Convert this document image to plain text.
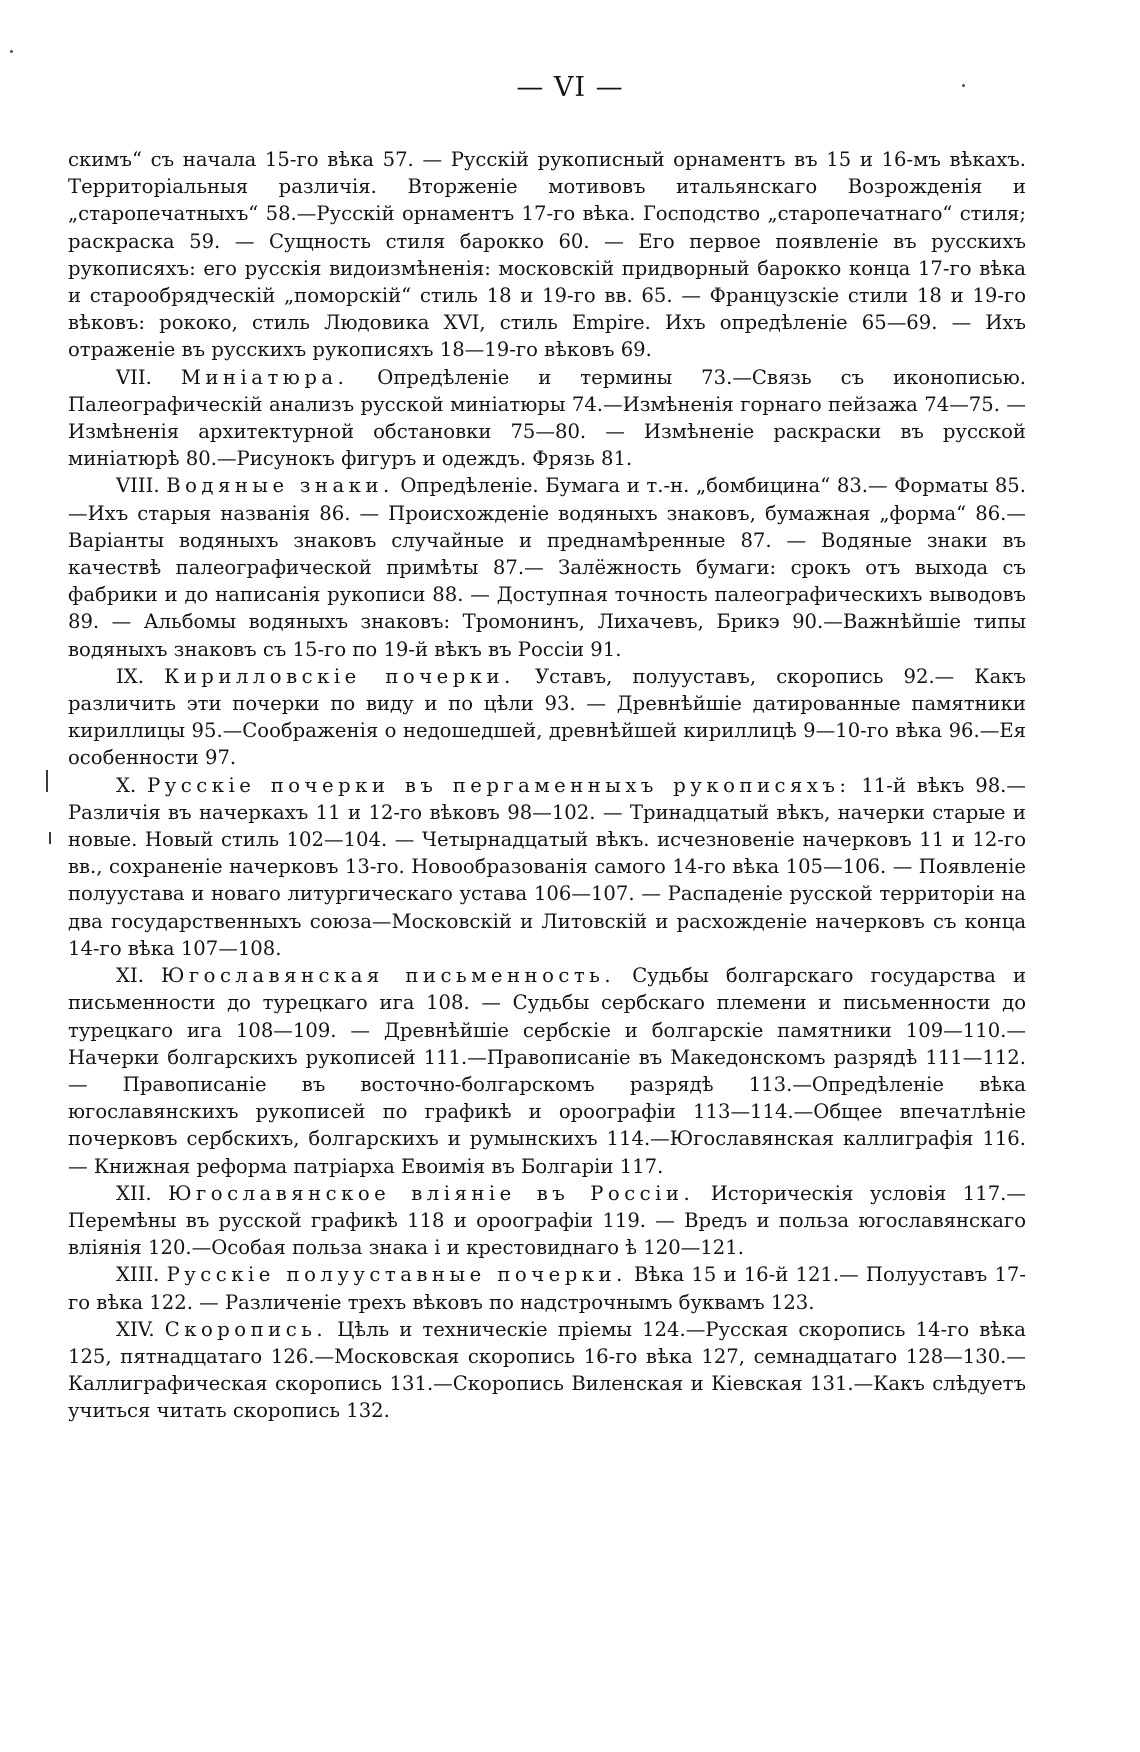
— VI —

скимъ“ съ начала 15-го вѣка 57. — Русскій рукописный орнаментъ въ 15 и 16-мъ вѣкахъ. Территоріальныя различія. Вторженіе мотивовъ итальянскаго Возрожденія и „старопечатныхъ“ 58.—Русскій орнаментъ 17-го вѣка. Господство „старопечатнаго“ стиля; раскраска 59. — Сущность стиля барокко 60. — Его первое появленіе въ русскихъ рукописяхъ: его русскія видоизмѣненія: московскій придворный барокко конца 17-го вѣка и старообрядческій „поморскій“ стиль 18 и 19-го вв. 65. — Французскіе стили 18 и 19-го вѣковъ: рококо, стиль Людовика XVI, стиль Empire. Ихъ опредѣленіе 65—69. — Ихъ отраженіе въ русскихъ рукописяхъ 18—19-го вѣковъ 69.

VII. Миніатюра. Опредѣленіе и термины 73.—Связь съ иконописью. Палеографическій анализъ русской миніатюры 74.—Измѣненія горнаго пейзажа 74—75. — Измѣненія архитектурной обстановки 75—80. — Измѣненіе раскраски въ русской миніатюрѣ 80.—Рисунокъ фигуръ и одеждъ. Фрязь 81.

VIII. Водяные знаки. Опредѣленіе. Бумага и т.-н. „бомбицина“ 83.— Форматы 85.—Ихъ старыя названія 86. — Происхожденіе водяныхъ знаковъ, бумажная „форма“ 86.—Варіанты водяныхъ знаковъ случайные и преднамѣренные 87. — Водяные знаки въ качествѣ палеографической примѣты 87.— Залёжность бумаги: срокъ отъ выхода съ фабрики и до написанія рукописи 88. — Доступная точность палеографическихъ выводовъ 89. — Альбомы водяныхъ знаковъ: Тромонинъ, Лихачевъ, Брикэ 90.—Важнѣйшіе типы водяныхъ знаковъ съ 15-го по 19-й вѣкъ въ Россіи 91.

IX. Кирилловскіе почерки. Уставъ, полууставъ, скоропись 92.— Какъ различить эти почерки по виду и по цѣли 93. — Древнѣйшіе датированные памятники кириллицы 95.—Соображенія о недошедшей, древнѣйшей кириллицѣ 9—10-го вѣка 96.—Ея особенности 97.

X. Русскіе почерки въ пергаменныхъ рукописяхъ: 11-й вѣкъ 98.—Различія въ начеркахъ 11 и 12-го вѣковъ 98—102. — Тринадцатый вѣкъ, начерки старые и новые. Новый стиль 102—104. — Четырнадцатый вѣкъ. исчезновеніе начерковъ 11 и 12-го вв., сохраненіе начерковъ 13-го. Новообразованія самого 14-го вѣка 105—106. — Появленіе полуустава и новаго литургическаго устава 106—107. — Распаденіе русской территоріи на два государственныхъ союза—Московскій и Литовскій и расхожденіе начерковъ съ конца 14-го вѣка 107—108.

XI. Югославянская письменность. Судьбы болгарскаго государства и письменности до турецкаго ига 108. — Судьбы сербскаго племени и письменности до турецкаго ига 108—109. — Древнѣйшіе сербскіе и болгарскіе памятники 109—110.—Начерки болгарскихъ рукописей 111.—Правописаніе въ Македонскомъ разрядѣ 111—112. — Правописаніе въ восточно-болгарскомъ разрядѣ 113.—Опредѣленіе вѣка югославянскихъ рукописей по графикѣ и ороографіи 113—114.—Общее впечатлѣніе почерковъ сербскихъ, болгарскихъ и румынскихъ 114.—Югославянская каллиграфія 116. — Книжная реформа патріарха Евоимія въ Болгаріи 117.

XII. Югославянское вліяніе въ Россіи. Историческія условія 117.—Перемѣны въ русской графикѣ 118 и ороографіи 119. — Вредъ и польза югославянскаго вліянія 120.—Особая польза знака і и крестовиднаго ѣ 120—121.

XIII. Русскіе полууставные почерки. Вѣка 15 и 16-й 121.— Полууставъ 17-го вѣка 122. — Различеніе трехъ вѣковъ по надстрочнымъ буквамъ 123.

XIV. Скоропись. Цѣль и техническіе пріемы 124.—Русская скоропись 14-го вѣка 125, пятнадцатаго 126.—Московская скоропись 16-го вѣка 127, семнадцатаго 128—130.—Каллиграфическая скоропись 131.—Скоропись Виленская и Кіевская 131.—Какъ слѣдуетъ учиться читать скоропись 132.
